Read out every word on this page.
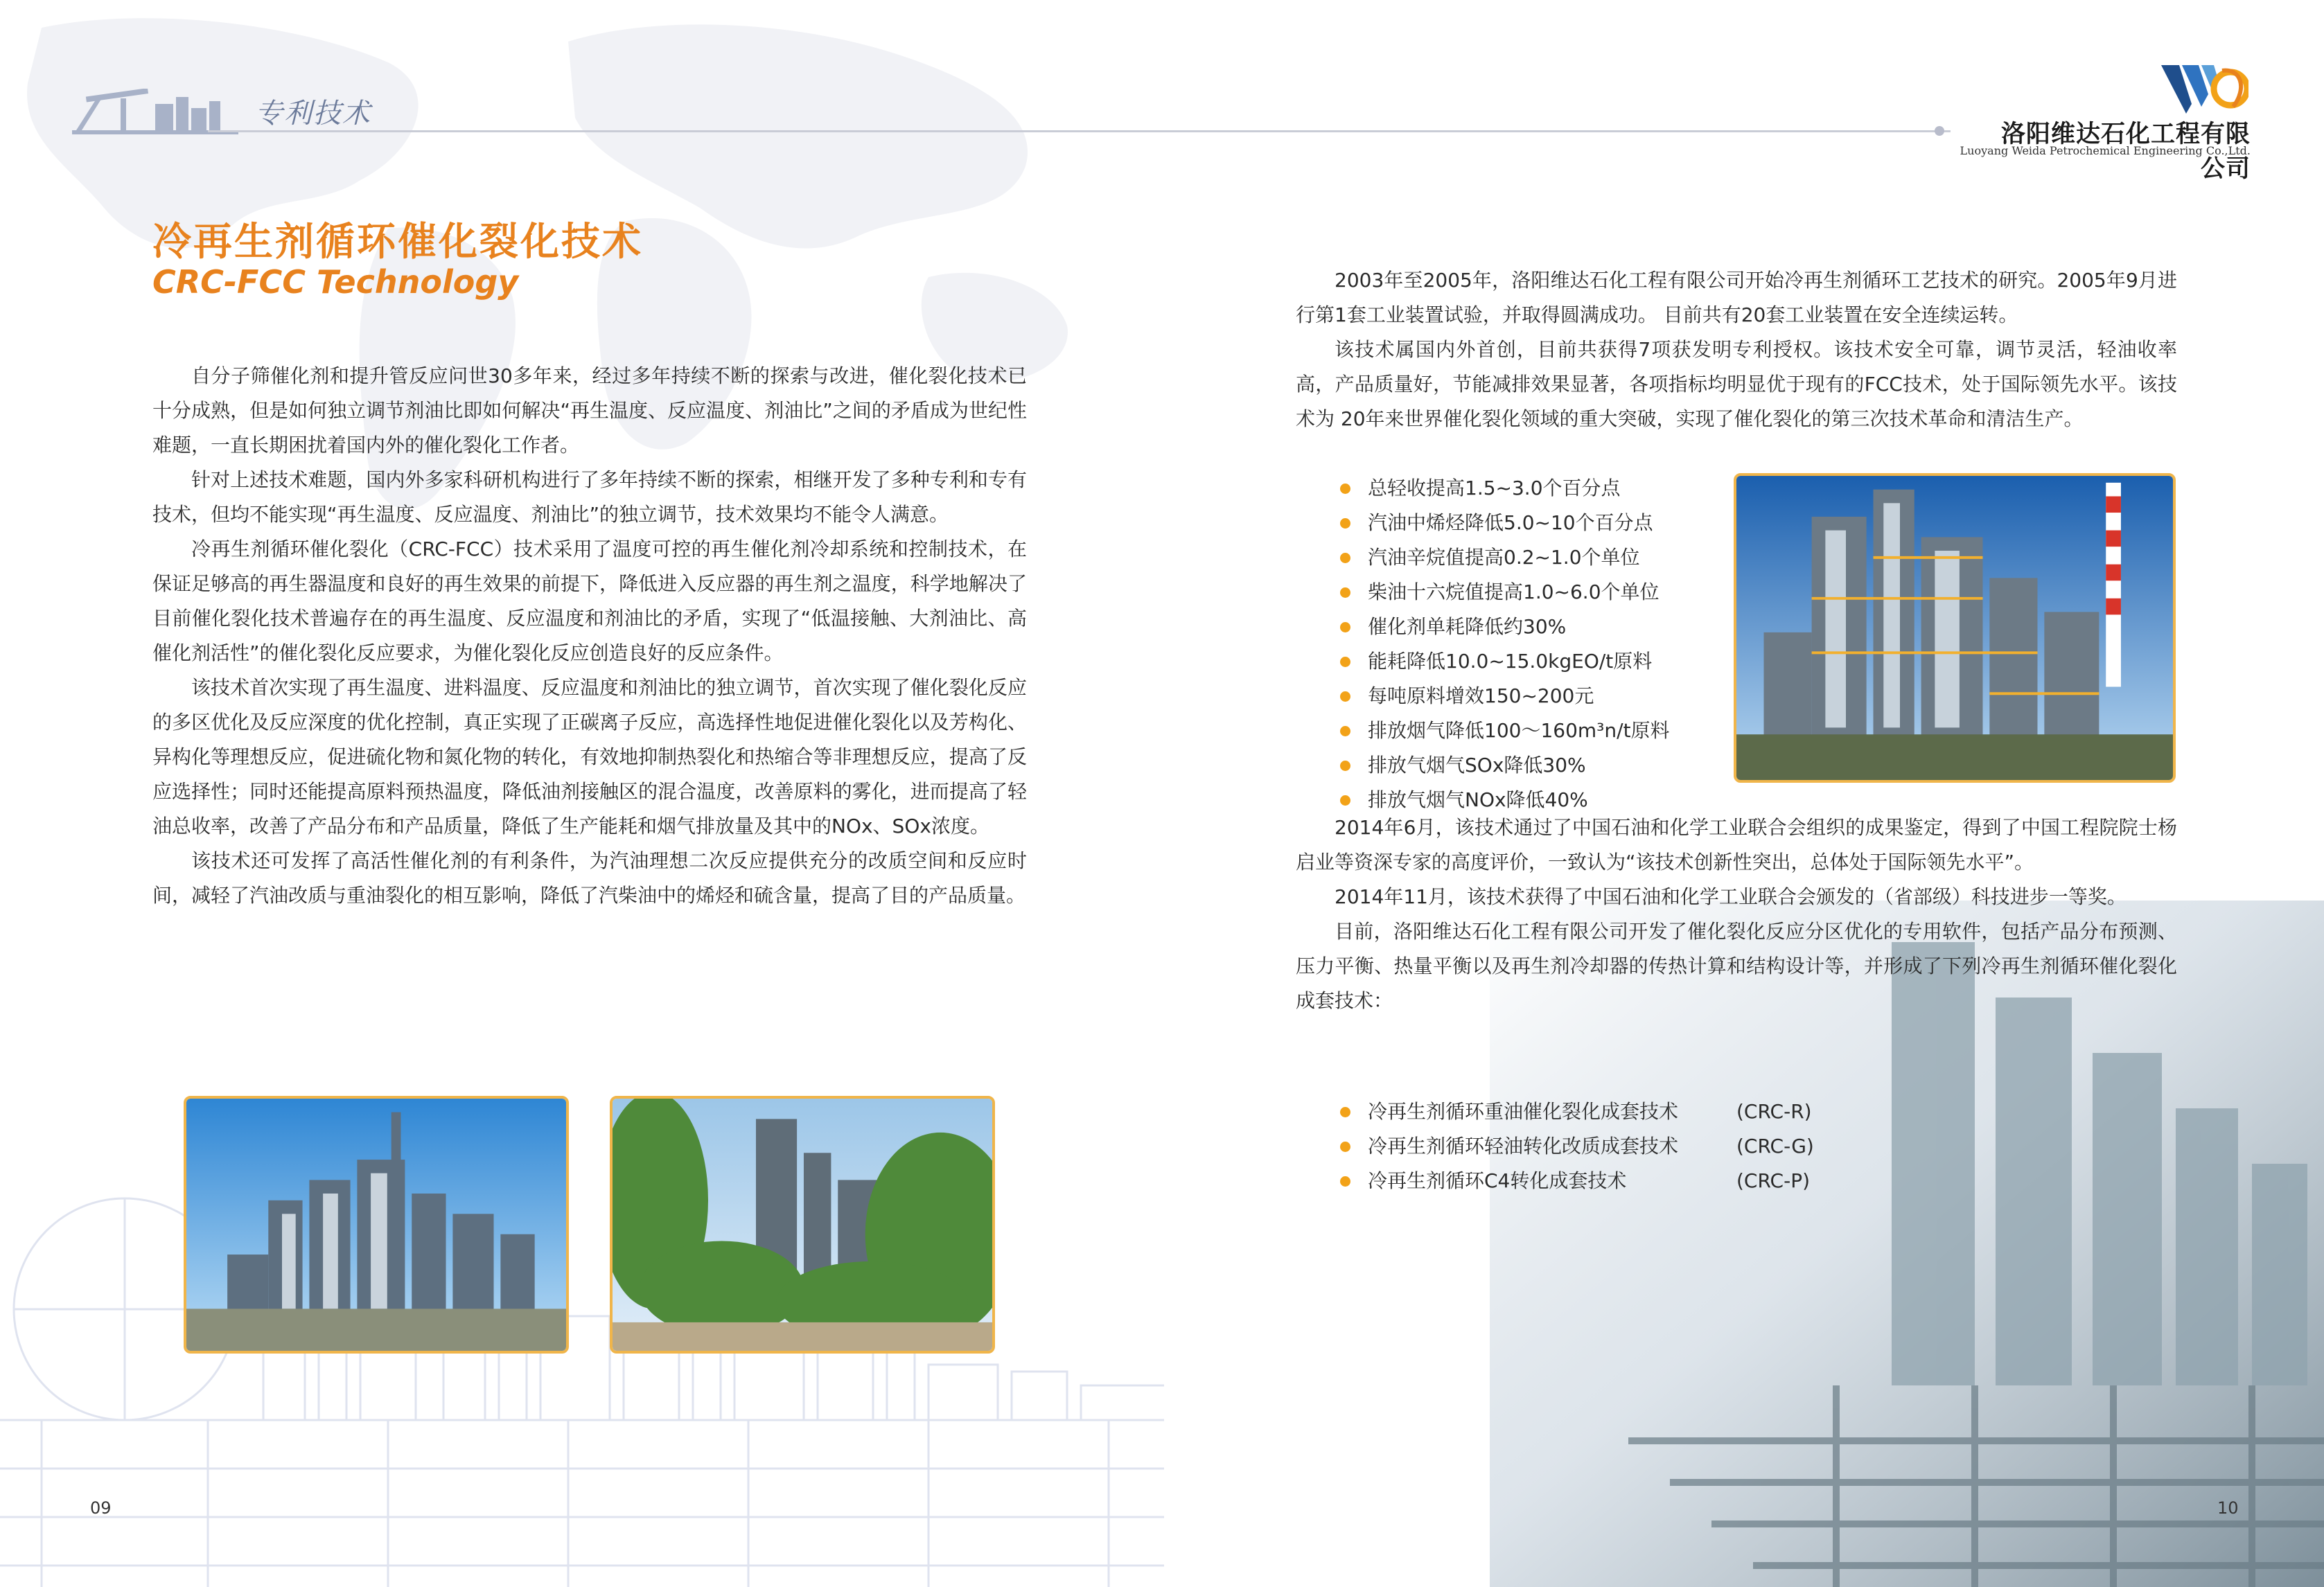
专利技术
洛阳维达石化工程有限公司
Luoyang Weida Petrochemical Engineering Co.,Ltd.
冷再生剂循环催化裂化技术
CRC-FCC Technology

自分子筛催化剂和提升管反应问世30多年来，经过多年持续不断的探索与改进，催化裂化技术已十分成熟，但是如何独立调节剂油比即如何解决“再生温度、反应温度、剂油比”之间的矛盾成为世纪性难题，一直长期困扰着国内外的催化裂化工作者。

针对上述技术难题，国内外多家科研机构进行了多年持续不断的探索，相继开发了多种专利和专有技术，但均不能实现“再生温度、反应温度、剂油比”的独立调节，技术效果均不能令人满意。

冷再生剂循环催化裂化（CRC-FCC）技术采用了温度可控的再生催化剂冷却系统和控制技术，在保证足够高的再生器温度和良好的再生效果的前提下，降低进入反应器的再生剂之温度，科学地解决了目前催化裂化技术普遍存在的再生温度、反应温度和剂油比的矛盾，实现了“低温接触、大剂油比、高催化剂活性”的催化裂化反应要求，为催化裂化反应创造良好的反应条件。

该技术首次实现了再生温度、进料温度、反应温度和剂油比的独立调节，首次实现了催化裂化反应的多区优化及反应深度的优化控制，真正实现了正碳离子反应，高选择性地促进催化裂化以及芳构化、异构化等理想反应，促进硫化物和氮化物的转化，有效地抑制热裂化和热缩合等非理想反应，提高了反应选择性；同时还能提高原料预热温度，降低油剂接触区的混合温度，改善原料的雾化，进而提高了轻油总收率，改善了产品分布和产品质量，降低了生产能耗和烟气排放量及其中的NOx、SOx浓度。

该技术还可发挥了高活性催化剂的有利条件，为汽油理想二次反应提供充分的改质空间和反应时间，减轻了汽油改质与重油裂化的相互影响，降低了汽柴油中的烯烃和硫含量，提高了目的产品质量。

09

2003年至2005年，洛阳维达石化工程有限公司开始冷再生剂循环工艺技术的研究。2005年9月进行第1套工业装置试验，并取得圆满成功。 目前共有20套工业装置在安全连续运转。

该技术属国内外首创，目前共获得7项获发明专利授权。该技术安全可靠，调节灵活，轻油收率高，产品质量好，节能减排效果显著，各项指标均明显优于现有的FCC技术，处于国际领先水平。该技术为 20年来世界催化裂化领域的重大突破，实现了催化裂化的第三次技术革命和清洁生产。

总轻收提高1.5~3.0个百分点
汽油中烯烃降低5.0~10个百分点
汽油辛烷值提高0.2~1.0个单位
柴油十六烷值提高1.0~6.0个单位
催化剂单耗降低约30%
能耗降低10.0~15.0kgEO/t原料
每吨原料增效150~200元
排放烟气降低100～160m³n/t原料
排放气烟气SOx降低30%
排放气烟气NOx降低40%

2014年6月，该技术通过了中国石油和化学工业联合会组织的成果鉴定，得到了中国工程院院士杨启业等资深专家的高度评价，一致认为“该技术创新性突出，总体处于国际领先水平”。

2014年11月，该技术获得了中国石油和化学工业联合会颁发的（省部级）科技进步一等奖。

目前，洛阳维达石化工程有限公司开发了催化裂化反应分区优化的专用软件，包括产品分布预测、压力平衡、热量平衡以及再生剂冷却器的传热计算和结构设计等，并形成了下列冷再生剂循环催化裂化成套技术：

冷再生剂循环重油催化裂化成套技术	(CRC-R)
冷再生剂循环轻油转化改质成套技术	(CRC-G)
冷再生剂循环C4转化成套技术	(CRC-P)
10
